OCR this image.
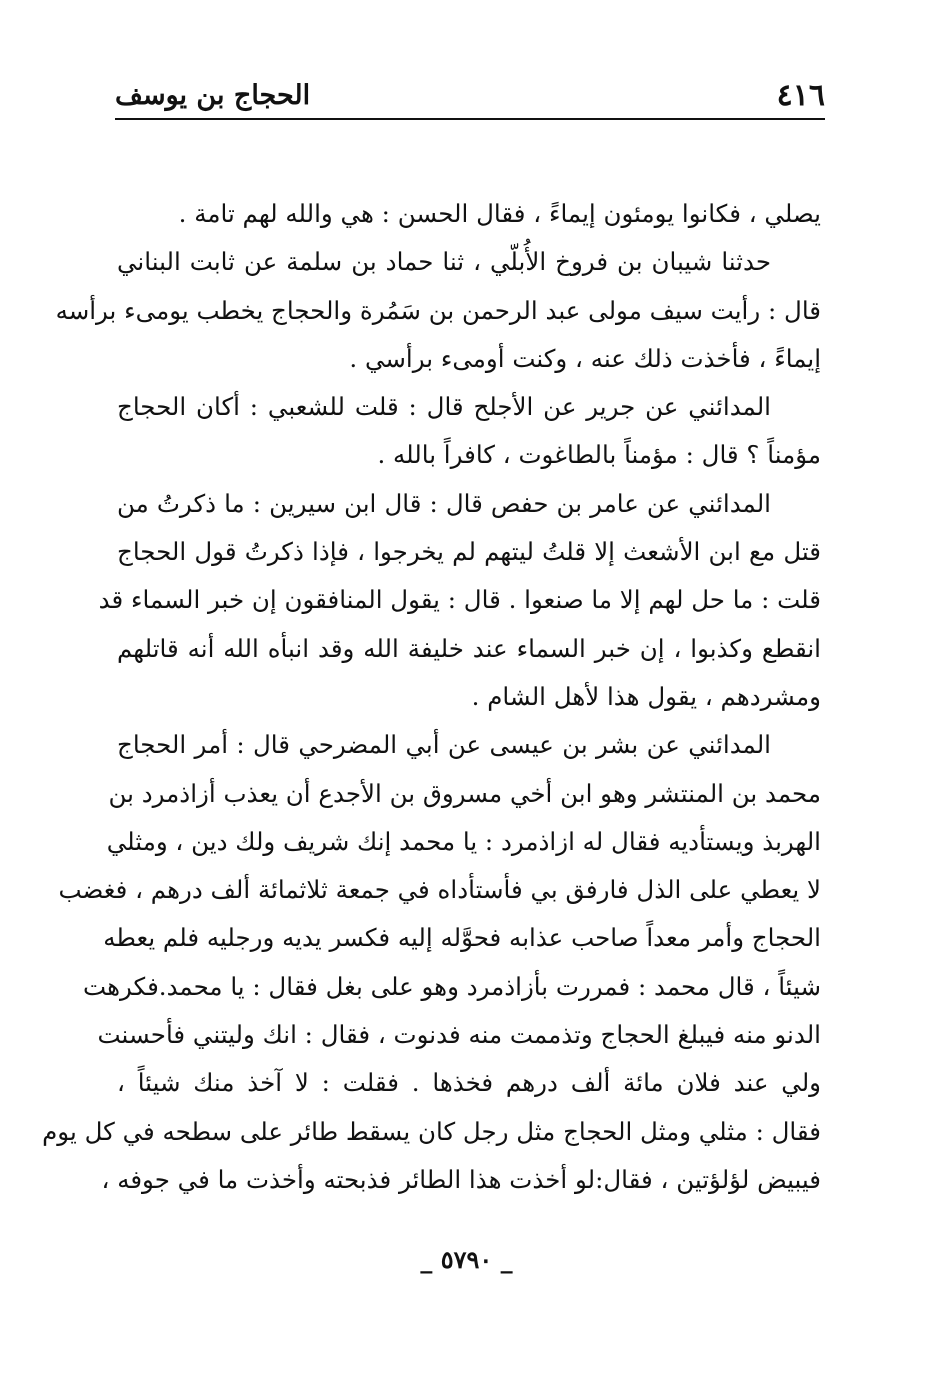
٤١٦
الحجاج بن يوسف
يصلي ، فكانوا يومئون إيماءً ، فقال الحسن : هي والله لهم تامة .
حدثنا شيبان بن فروخ الأُبلّي ، ثنا حماد بن سلمة عن ثابت البناني
قال : رأيت سيف مولى عبد الرحمن بن سَمُرة والحجاج يخطب يومىء برأسه
إيماءً ، فأخذت ذلك عنه ، وكنت أومىء برأسي .
المدائني عن جرير عن الأجلح قال : قلت للشعبي : أكان الحجاج
مؤمناً ؟ قال : مؤمناً بالطاغوت ، كافراً بالله .
المدائني عن عامر بن حفص قال : قال ابن سيرين : ما ذكرتُ من
قتل مع ابن الأشعث إلا قلتُ ليتهم لم يخرجوا ، فإذا ذكرتُ قول الحجاج
قلت : ما حل لهم إلا ما صنعوا . قال : يقول المنافقون إن خبر السماء قد
انقطع وكذبوا ، إن خبر السماء عند خليفة الله وقد انبأه الله أنه قاتلهم
ومشردهم ، يقول هذا لأهل الشام .
المدائني عن بشر بن عيسى عن أبي المضرحي قال : أمر الحجاج
محمد بن المنتشر وهو ابن أخي مسروق بن الأجدع أن يعذب أزاذمرد بن
الهربذ ويستأديه فقال له ازاذمرد : يا محمد إنك شريف ولك دين ، ومثلي
لا يعطي على الذل فارفق بي فأستأداه في جمعة ثلاثمائة ألف درهم ، فغضب
الحجاج وأمر معداً صاحب عذابه فحوَّله إليه فكسر يديه ورجليه فلم يعطه
شيئاً ، قال محمد : فمررت بأزاذمرد وهو على بغل فقال : يا محمد.فكرهت
الدنو منه فيبلغ الحجاج وتذممت منه فدنوت ، فقال : انك وليتني فأحسنت
ولي عند فلان مائة ألف درهم فخذها . فقلت : لا آخذ منك شيئاً ،
فقال : مثلي ومثل الحجاج مثل رجل كان يسقط طائر على سطحه في كل يوم
فيبيض لؤلؤتين ، فقال:لو أخذت هذا الطائر فذبحته وأخذت ما في جوفه ،
_ ٥٧٩٠ _
